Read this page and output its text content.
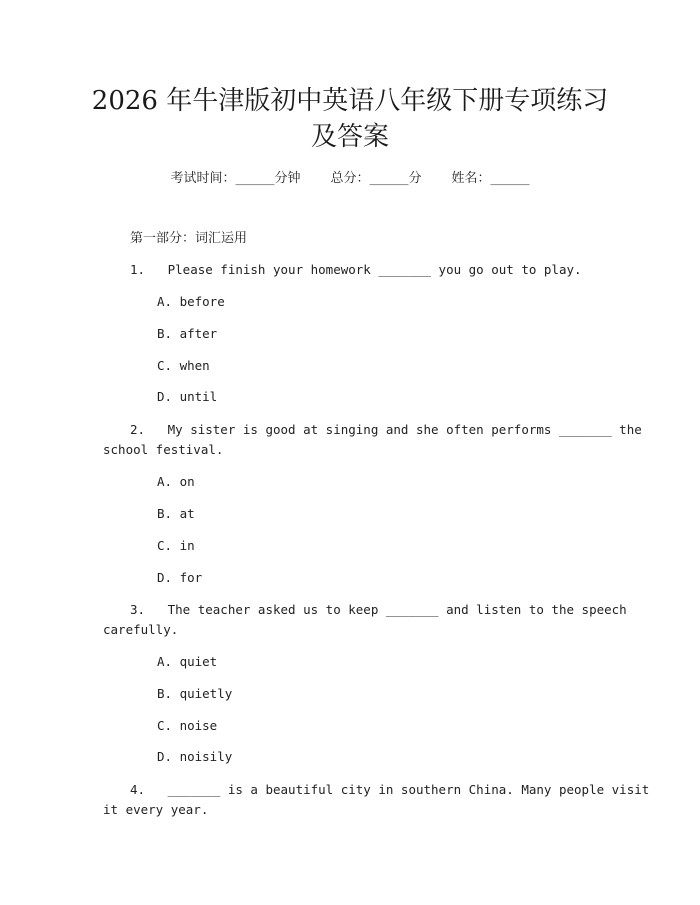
2026 年牛津版初中英语八年级下册专项练习
及答案
考试时间：______分钟 总分：______分 姓名：______
第一部分：词汇运用
1.   Please finish your homework _______ you go out to play.
A. before
B. after
C. when
D. until
2.   My sister is good at singing and she often performs _______ the
school festival.
A. on
B. at
C. in
D. for
3.   The teacher asked us to keep _______ and listen to the speech
carefully.
A. quiet
B. quietly
C. noise
D. noisily
4.   _______ is a beautiful city in southern China. Many people visit
it every year.
